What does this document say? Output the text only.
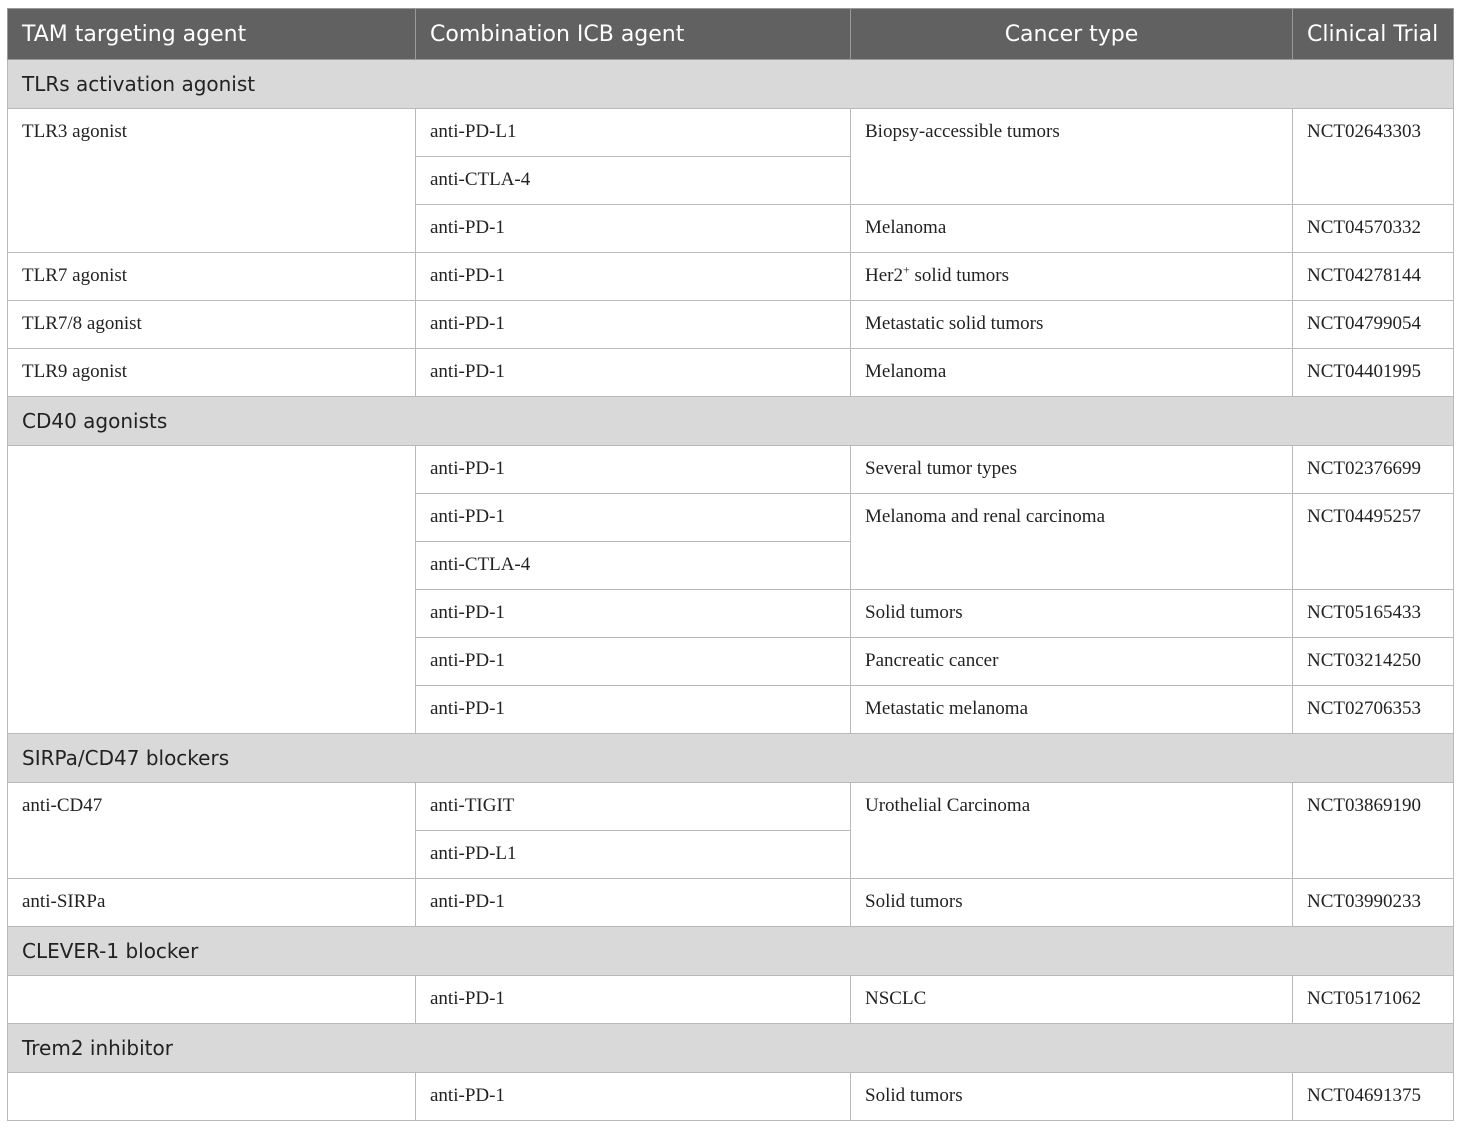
TAM targeting agent	Combination ICB agent	Cancer type	Clinical Trial
TLRs activation agonist			
TLR3 agonist	anti-PD-L1	Biopsy-accessible tumors	NCT02643303
	anti-CTLA-4		
	anti-PD-1	Melanoma	NCT04570332
TLR7 agonist	anti-PD-1	Her2+ solid tumors	NCT04278144
TLR7/8 agonist	anti-PD-1	Metastatic solid tumors	NCT04799054
TLR9 agonist	anti-PD-1	Melanoma	NCT04401995
CD40 agonists			
	anti-PD-1	Several tumor types	NCT02376699
	anti-PD-1	Melanoma and renal carcinoma	NCT04495257
	anti-CTLA-4		
	anti-PD-1	Solid tumors	NCT05165433
	anti-PD-1	Pancreatic cancer	NCT03214250
	anti-PD-1	Metastatic melanoma	NCT02706353
SIRPa/CD47 blockers			
anti-CD47	anti-TIGIT	Urothelial Carcinoma	NCT03869190
	anti-PD-L1		
anti-SIRPa	anti-PD-1	Solid tumors	NCT03990233
CLEVER-1 blocker			
	anti-PD-1	NSCLC	NCT05171062
Trem2 inhibitor			
	anti-PD-1	Solid tumors	NCT04691375
